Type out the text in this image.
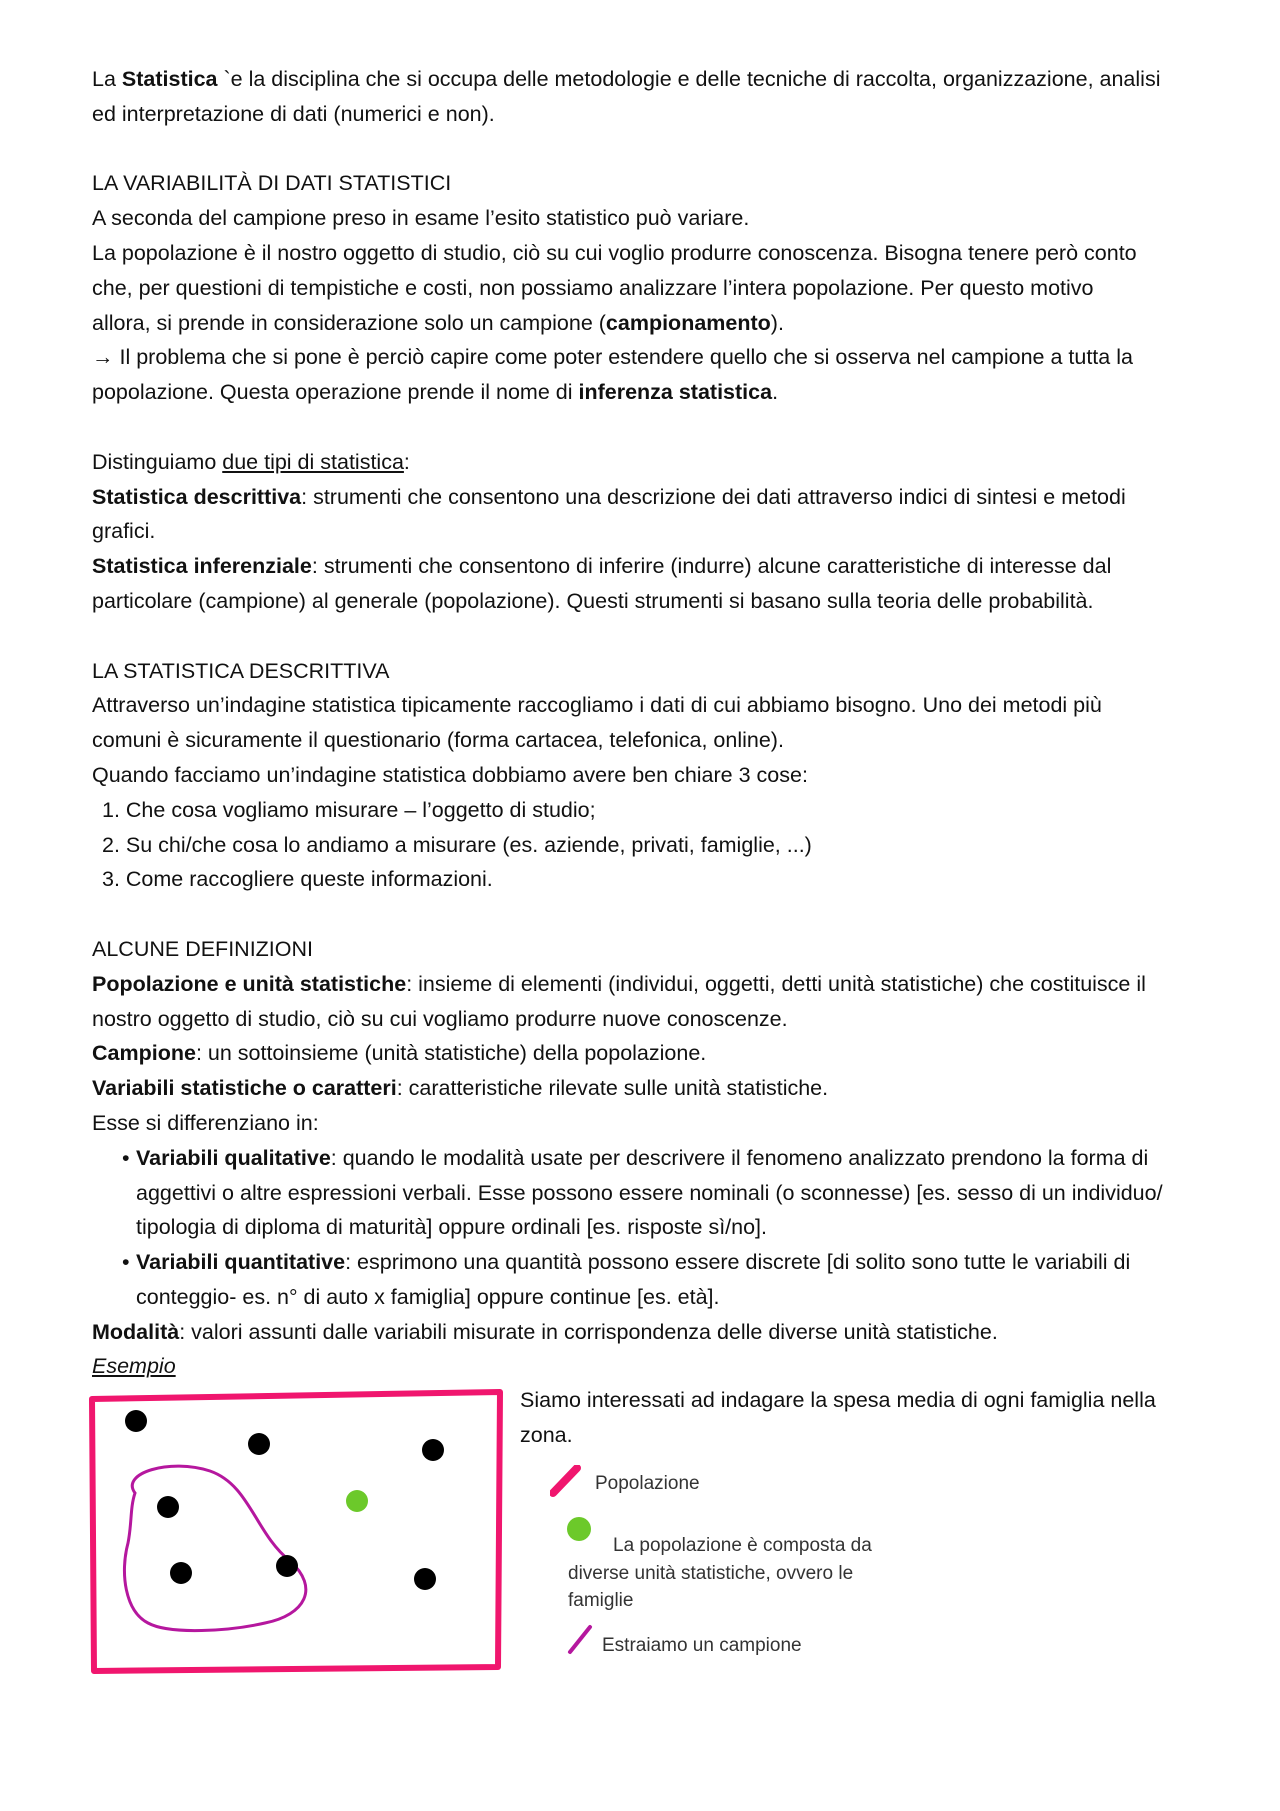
La Statistica `e la disciplina che si occupa delle metodologie e delle tecniche di raccolta, organizzazione, analisi
ed interpretazione di dati (numerici e non).

LA VARIABILITÀ DI DATI STATISTICI

A seconda del campione preso in esame l’esito statistico può variare.
La popolazione è il nostro oggetto di studio, ciò su cui voglio produrre conoscenza. Bisogna tenere però conto
che, per questioni di tempistiche e costi, non possiamo analizzare l’intera popolazione. Per questo motivo
allora, si prende in considerazione solo un campione (campionamento).
→ Il problema che si pone è perciò capire come poter estendere quello che si osserva nel campione a tutta la
popolazione. Questa operazione prende il nome di inferenza statistica.

Distinguiamo due tipi di statistica:
Statistica descrittiva: strumenti che consentono una descrizione dei dati attraverso indici di sintesi e metodi
grafici.
Statistica inferenziale: strumenti che consentono di inferire (indurre) alcune caratteristiche di interesse dal
particolare (campione) al generale (popolazione). Questi strumenti si basano sulla teoria delle probabilità.

LA STATISTICA DESCRITTIVA

Attraverso un’indagine statistica tipicamente raccogliamo i dati di cui abbiamo bisogno. Uno dei metodi più
comuni è sicuramente il questionario (forma cartacea, telefonica, online).
Quando facciamo un’indagine statistica dobbiamo avere ben chiare 3 cose:

1. Che cosa vogliamo misurare – l’oggetto di studio;
2. Su chi/che cosa lo andiamo a misurare (es. aziende, privati, famiglie, ...)
3. Come raccogliere queste informazioni.

ALCUNE DEFINIZIONI

Popolazione e unità statistiche: insieme di elementi (individui, oggetti, detti unità statistiche) che costituisce il
nostro oggetto di studio, ciò su cui vogliamo produrre nuove conoscenze.
Campione: un sottoinsieme (unità statistiche) della popolazione.
Variabili statistiche o caratteri: caratteristiche rilevate sulle unità statistiche.
Esse si differenziano in:

• Variabili qualitative: quando le modalità usate per descrivere il fenomeno analizzato prendono la forma di aggettivi o altre espressioni verbali. Esse possono essere nominali (o sconnesse) [es. sesso di un individuo/ tipologia di diploma di maturità] oppure ordinali [es. risposte sì/no].
• Variabili quantitative: esprimono una quantità possono essere discrete [di solito sono tutte le variabili di conteggio- es. n° di auto x famiglia] oppure continue [es. età].

Modalità: valori assunti dalle variabili misurate in corrispondenza delle diverse unità statistiche.

Esempio

Siamo interessati ad indagare la spesa media di ogni famiglia nella
zona.
Popolazione
La popolazione è composta da
diverse unità statistiche, ovvero le
famiglie
Estraiamo un campione
